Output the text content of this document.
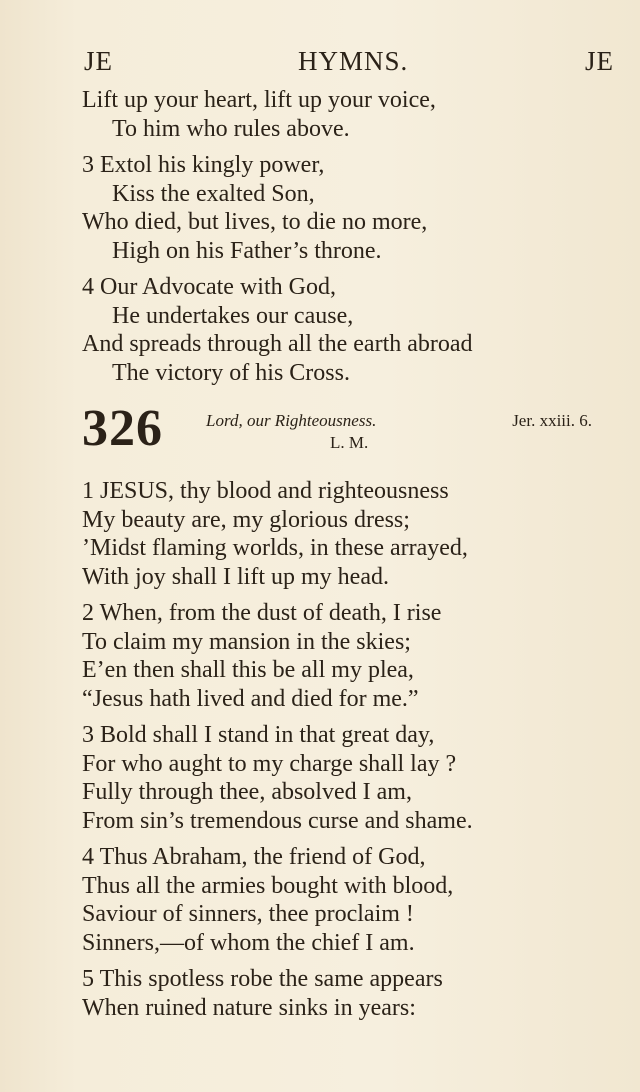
JE	HYMNS.	JE
Lift up your heart, lift up your voice,
To him who rules above.
3 Extol his kingly power,
Kiss the exalted Son,
Who died, but lives, to die no more,
High on his Father’s throne.
4 Our Advocate with God,
He undertakes our cause,
And spreads through all the earth abroad
The victory of his Cross.
326	Lord, our Righteousness.	Jer. xxiii. 6.
L. M.
1 JESUS, thy blood and righteousness
My beauty are, my glorious dress;
’Midst flaming worlds, in these arrayed,
With joy shall I lift up my head.
2 When, from the dust of death, I rise
To claim my mansion in the skies;
E’en then shall this be all my plea,
“Jesus hath lived and died for me.”
3 Bold shall I stand in that great day,
For who aught to my charge shall lay ?
Fully through thee, absolved I am,
From sin’s tremendous curse and shame.
4 Thus Abraham, the friend of God,
Thus all the armies bought with blood,
Saviour of sinners, thee proclaim !
Sinners,—of whom the chief I am.
5 This spotless robe the same appears
When ruined nature sinks in years:
